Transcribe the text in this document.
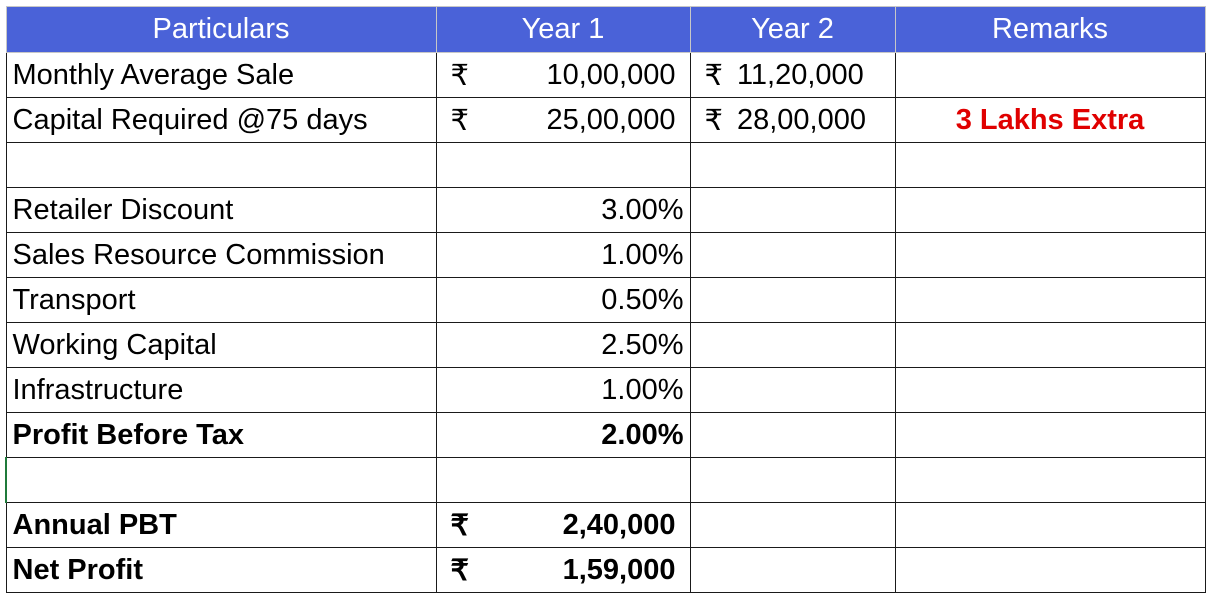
Particulars	Year 1	Year 2	Remarks
Monthly Average Sale	₹ 10,00,000	₹ 11,20,000	

Capital Required @75 days	₹ 25,00,000	₹ 28,00,000	3 Lakhs Extra

Retailer Discount	3.00%		
Sales Resource Commission	1.00%		
Transport	0.50%		
Working Capital	2.50%		
Infrastructure	1.00%		
Profit Before Tax	2.00%		

Annual PBT	₹ 2,40,000		

Net Profit	₹ 1,59,000		
